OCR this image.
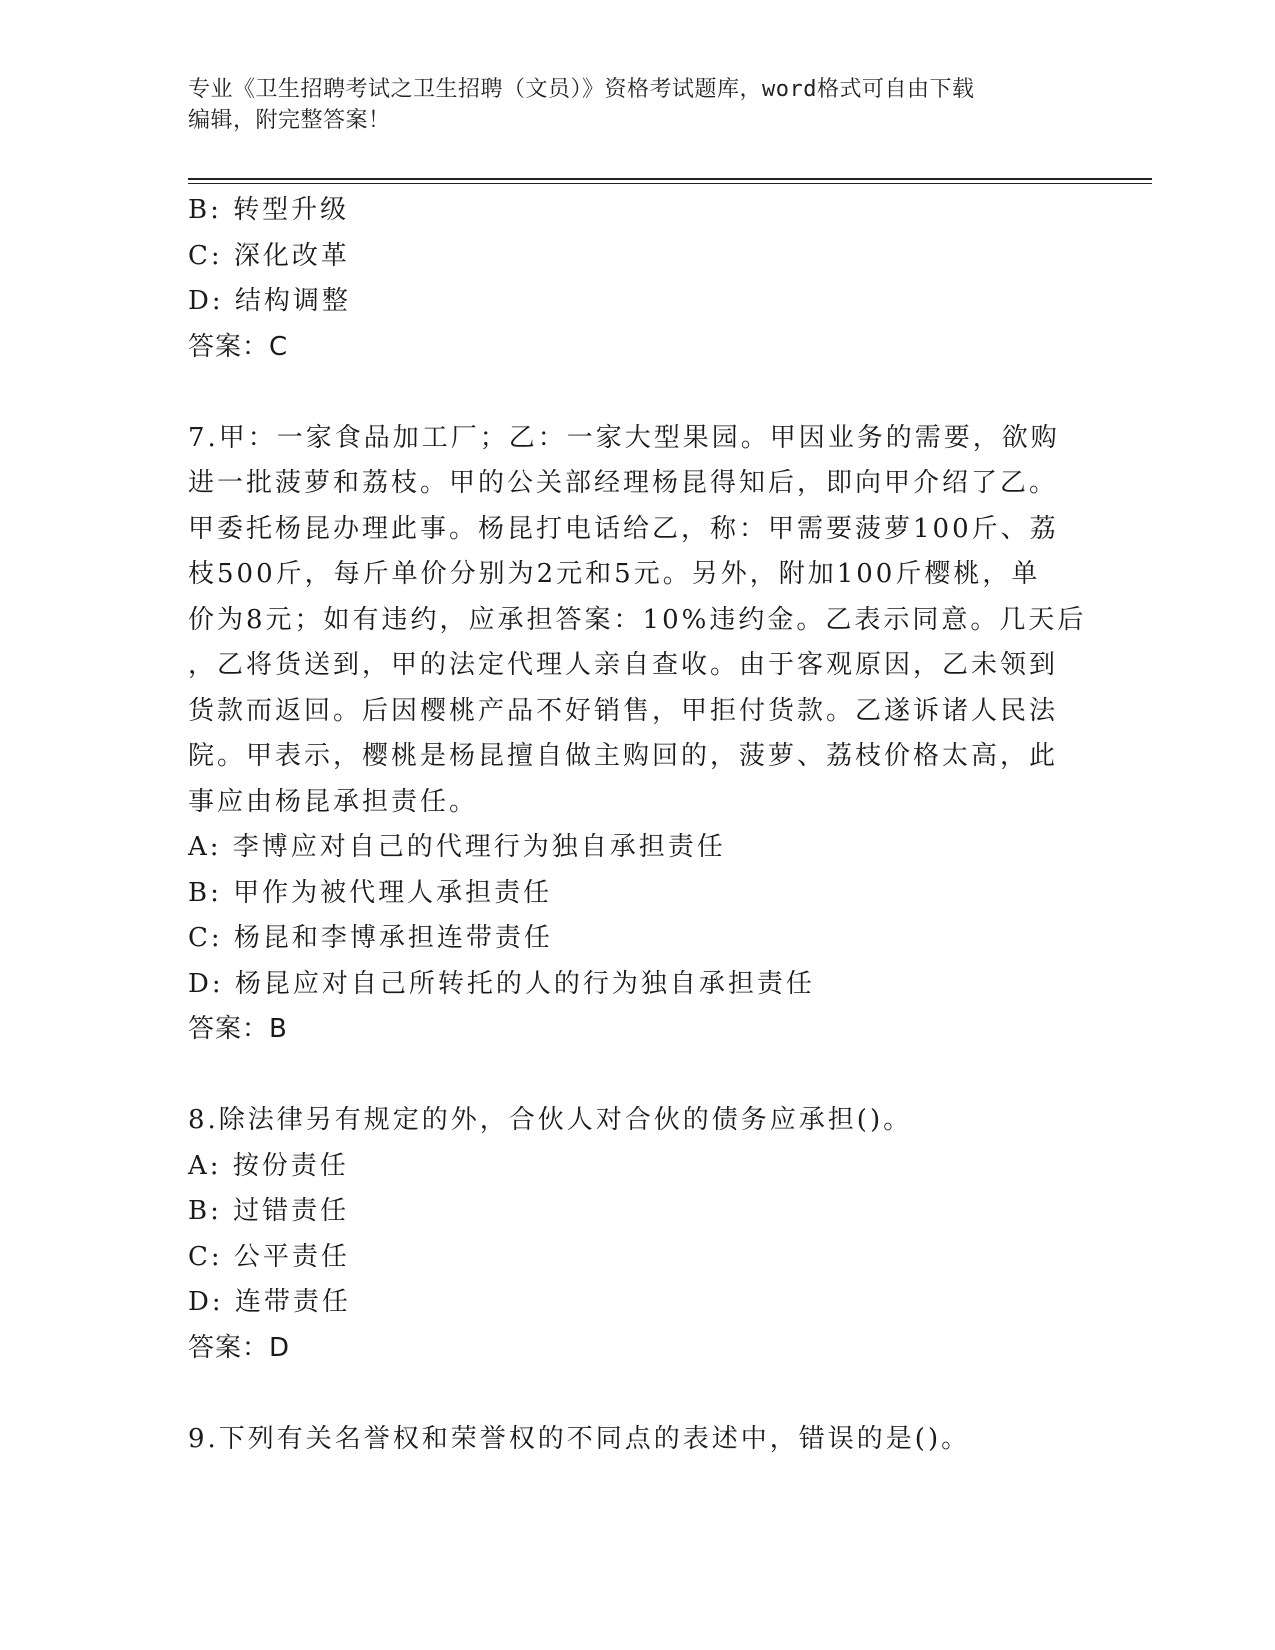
专业《卫生招聘考试之卫生招聘（文员）》资格考试题库，word格式可自由下载
编辑，附完整答案！
B: 转型升级
C: 深化改革
D: 结构调整
答案：C
7.甲：一家食品加工厂；乙：一家大型果园。甲因业务的需要，欲购
进一批菠萝和荔枝。甲的公关部经理杨昆得知后，即向甲介绍了乙。
甲委托杨昆办理此事。杨昆打电话给乙，称：甲需要菠萝100斤、荔
枝500斤，每斤单价分别为2元和5元。另外，附加100斤樱桃，单
价为8元；如有违约，应承担答案：10%违约金。乙表示同意。几天后
，乙将货送到，甲的法定代理人亲自查收。由于客观原因，乙未领到
货款而返回。后因樱桃产品不好销售，甲拒付货款。乙遂诉诸人民法
院。甲表示，樱桃是杨昆擅自做主购回的，菠萝、荔枝价格太高，此
事应由杨昆承担责任。
A: 李博应对自己的代理行为独自承担责任
B: 甲作为被代理人承担责任
C: 杨昆和李博承担连带责任
D: 杨昆应对自己所转托的人的行为独自承担责任
答案：B
8.除法律另有规定的外，合伙人对合伙的债务应承担()。
A: 按份责任
B: 过错责任
C: 公平责任
D: 连带责任
答案：D
9.下列有关名誉权和荣誉权的不同点的表述中，错误的是()。
